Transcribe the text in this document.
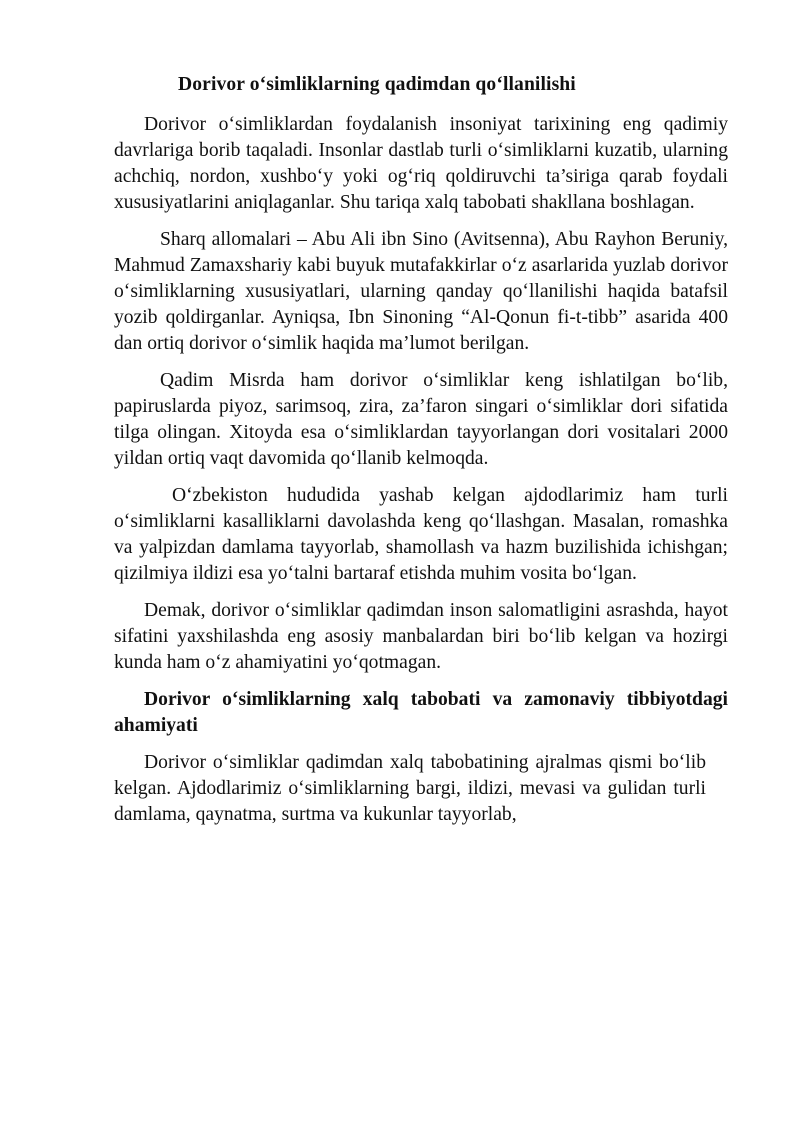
Dorivor o‘simliklarning qadimdan qo‘llanilishi

Dorivor o‘simliklardan foydalanish insoniyat tarixining eng qadimiy davrlariga borib taqaladi. Insonlar dastlab turli o‘simliklarni kuzatib, ularning achchiq, nordon, xushbo‘y yoki og‘riq qoldiruvchi ta’siriga qarab foydali xususiyatlarini aniqlaganlar. Shu tariqa xalq tabobati shakllana boshlagan.

Sharq allomalari – Abu Ali ibn Sino (Avitsenna), Abu Rayhon Beruniy, Mahmud Zamaxshariy kabi buyuk mutafakkirlar o‘z asarlarida yuzlab dorivor o‘simliklarning xususiyatlari, ularning qanday qo‘llanilishi haqida batafsil yozib qoldirganlar. Ayniqsa, Ibn Sinoning “Al-Qonun fi-t-tibb” asarida 400 dan ortiq dorivor o‘simlik haqida ma’lumot berilgan.

Qadim Misrda ham dorivor o‘simliklar keng ishlatilgan bo‘lib, papiruslarda piyoz, sarimsoq, zira, za’faron singari o‘simliklar dori sifatida tilga olingan. Xitoyda esa o‘simliklardan tayyorlangan dori vositalari 2000 yildan ortiq vaqt davomida qo‘llanib kelmoqda.

O‘zbekiston hududida yashab kelgan ajdodlarimiz ham turli o‘simliklarni kasalliklarni davolashda keng qo‘llashgan. Masalan, romashka va yalpizdan damlama tayyorlab, shamollash va hazm buzilishida ichishgan; qizilmiya ildizi esa yo‘talni bartaraf etishda muhim vosita bo‘lgan.

Demak, dorivor o‘simliklar qadimdan inson salomatligini asrashda, hayot sifatini yaxshilashda eng asosiy manbalardan biri bo‘lib kelgan va hozirgi kunda ham o‘z ahamiyatini yo‘qotmagan.

Dorivor o‘simliklarning xalq tabobati va zamonaviy tibbiyotdagi ahamiyati

Dorivor o‘simliklar qadimdan xalq tabobatining ajralmas qismi bo‘lib kelgan. Ajdodlarimiz o‘simliklarning bargi, ildizi, mevasi va gulidan turli damlama, qaynatma, surtma va kukunlar tayyorlab,
